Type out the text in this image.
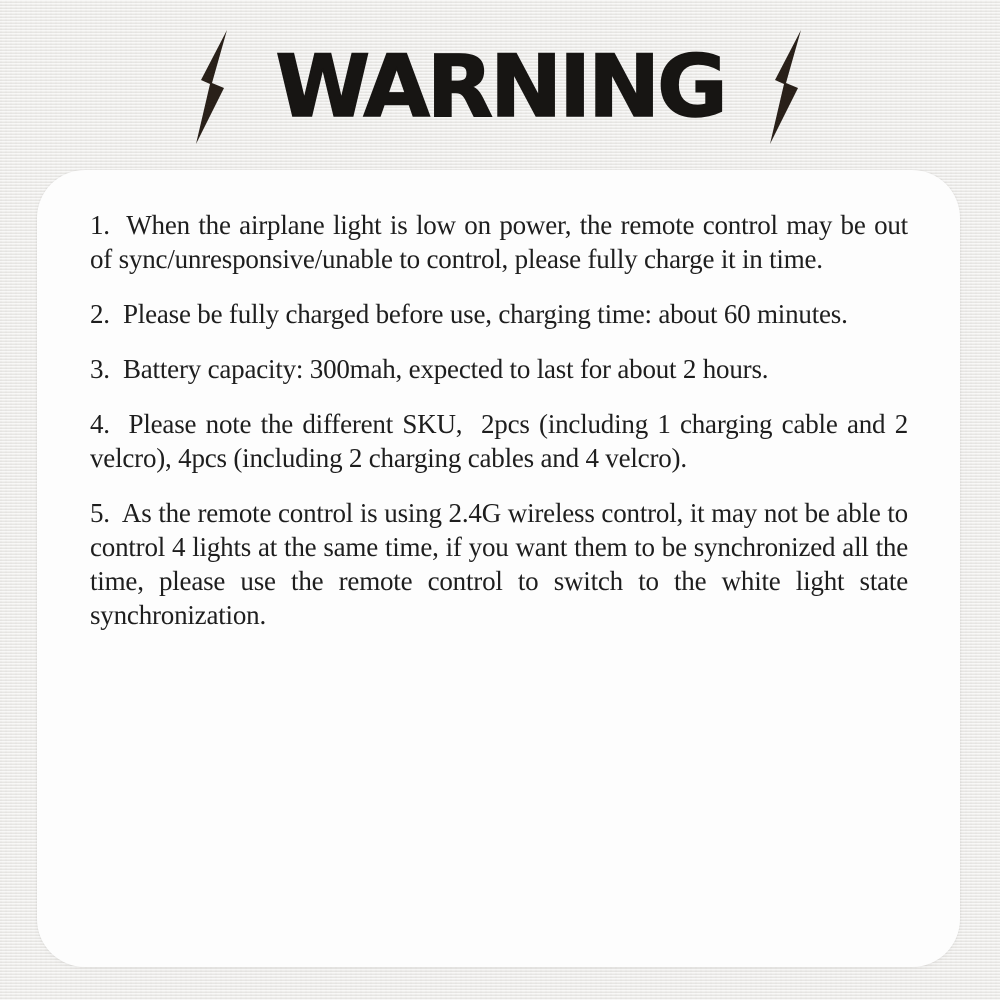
WARNING

1.  When the airplane light is low on power, the remote control may be out of sync/unresponsive/unable to control, please fully charge it in time.

2.  Please be fully charged before use, charging time: about 60 minutes.

3.  Battery capacity: 300mah, expected to last for about 2 hours.

4.  Please note the different SKU,  2pcs (including 1 charging cable and 2 velcro), 4pcs (including 2 charging cables and 4 velcro).

5.  As the remote control is using 2.4G wireless control, it may not be able to control 4 lights at the same time, if you want them to be synchronized all the time, please use the remote control to switch to the white light state synchronization.
